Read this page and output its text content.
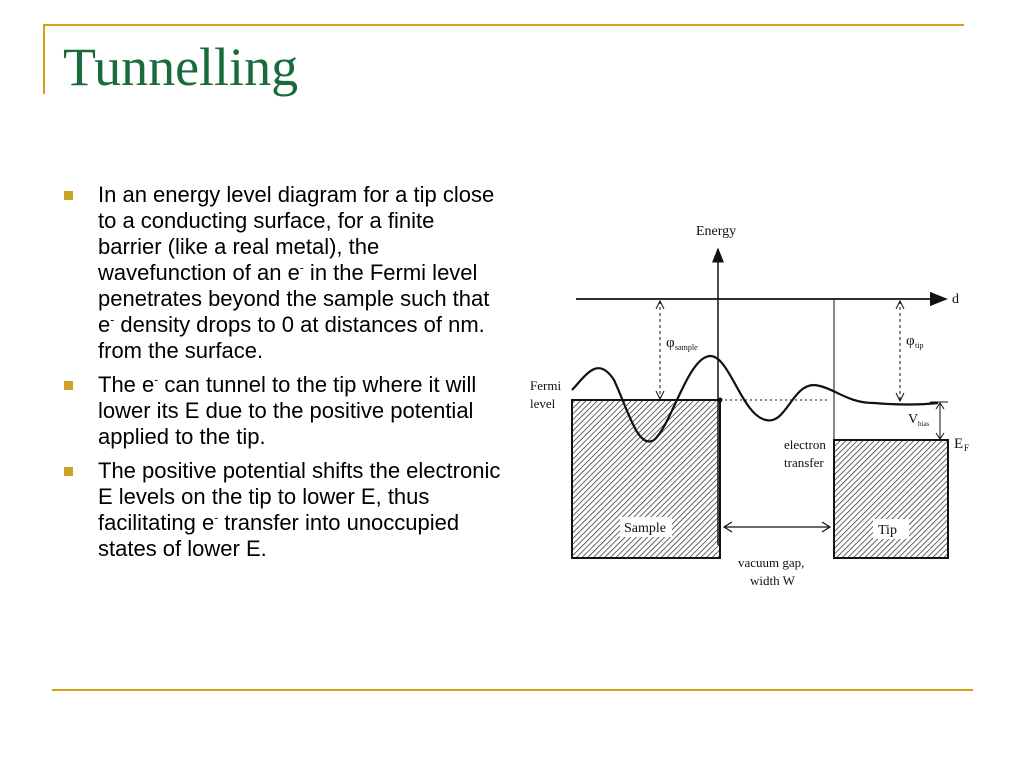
Tunnelling
In an energy level diagram for a tip close to a conducting surface, for a finite barrier (like a real metal), the wavefunction of an e- in the Fermi level penetrates beyond the sample such that e- density drops to 0 at distances of nm. from the surface.
The e- can tunnel to the tip where it will lower its E due to the positive potential applied to the tip.
The positive potential shifts the electronic E levels on the tip to lower E, thus facilitating e- transfer into unoccupied states of lower E.
Energy
d
Sample	Tip
φ sample	φ tip
V bias
E F
Fermi
level
electron
transfer
vacuum gap,
width W
